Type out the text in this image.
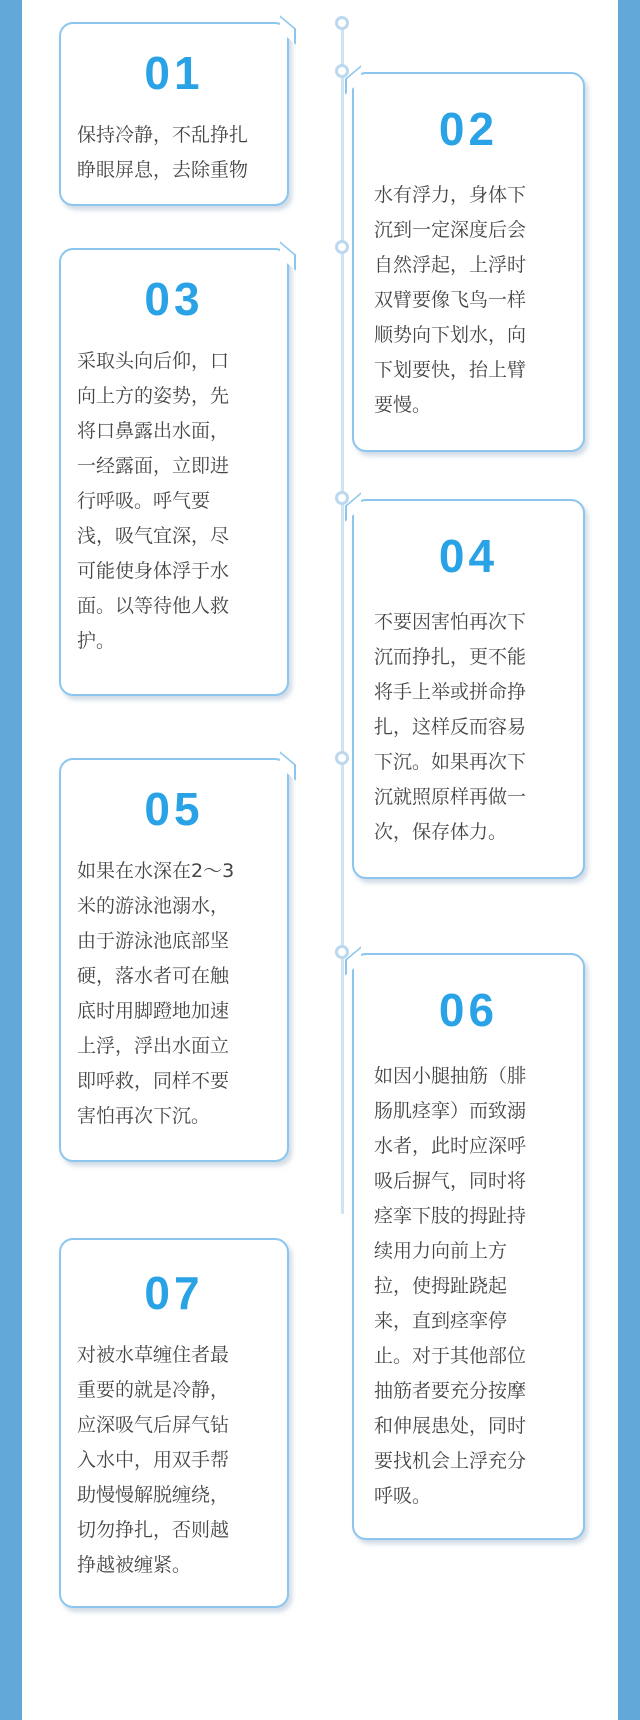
01
保持冷静，不乱挣扎
睁眼屏息，去除重物
02
水有浮力，身体下
沉到一定深度后会
自然浮起，上浮时
双臂要像飞鸟一样
顺势向下划水，向
下划要快，抬上臂
要慢。
03
采取头向后仰，口
向上方的姿势，先
将口鼻露出水面，
一经露面，立即进
行呼吸。呼气要
浅，吸气宜深，尽
可能使身体浮于水
面。以等待他人救
护。
04
不要因害怕再次下
沉而挣扎，更不能
将手上举或拼命挣
扎，这样反而容易
下沉。如果再次下
沉就照原样再做一
次，保存体力。
05
如果在水深在2～3
米的游泳池溺水，
由于游泳池底部坚
硬，落水者可在触
底时用脚蹬地加速
上浮，浮出水面立
即呼救，同样不要
害怕再次下沉。
06
如因小腿抽筋（腓
肠肌痉挛）而致溺
水者，此时应深呼
吸后摒气，同时将
痉挛下肢的拇趾持
续用力向前上方
拉，使拇趾跷起
来，直到痉挛停
止。对于其他部位
抽筋者要充分按摩
和伸展患处，同时
要找机会上浮充分
呼吸。
07
对被水草缠住者最
重要的就是冷静，
应深吸气后屏气钻
入水中，用双手帮
助慢慢解脱缠绕，
切勿挣扎，否则越
挣越被缠紧。
